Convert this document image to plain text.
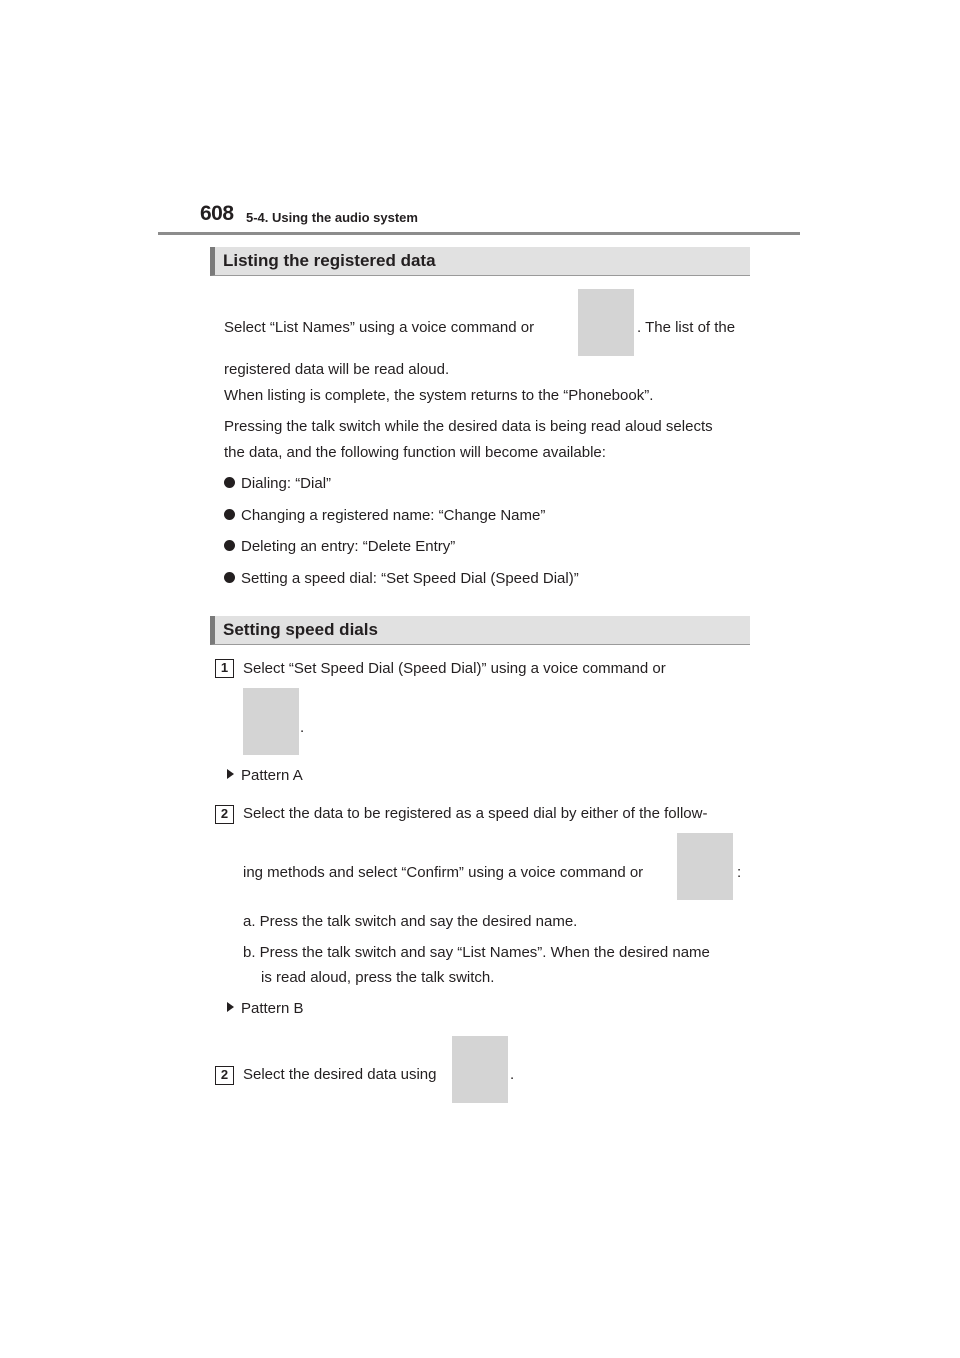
608 5-4. Using the audio system
Listing the registered data
Select “List Names” using a voice command or	. The list of the
registered data will be read aloud.
When listing is complete, the system returns to the “Phonebook”.
Pressing the talk switch while the desired data is being read aloud selects
the data, and the following function will become available:
Dialing: “Dial”
Changing a registered name: “Change Name”
Deleting an entry: “Delete Entry”
Setting a speed dial: “Set Speed Dial (Speed Dial)”
Setting speed dials
1 Select “Set Speed Dial (Speed Dial)” using a voice command or
.
Pattern A
2 Select the data to be registered as a speed dial by either of the follow-
ing methods and select “Confirm” using a voice command or	:
a. Press the talk switch and say the desired name.
b. Press the talk switch and say “List Names”. When the desired name
is read aloud, press the talk switch.
Pattern B
2 Select the desired data using	.
